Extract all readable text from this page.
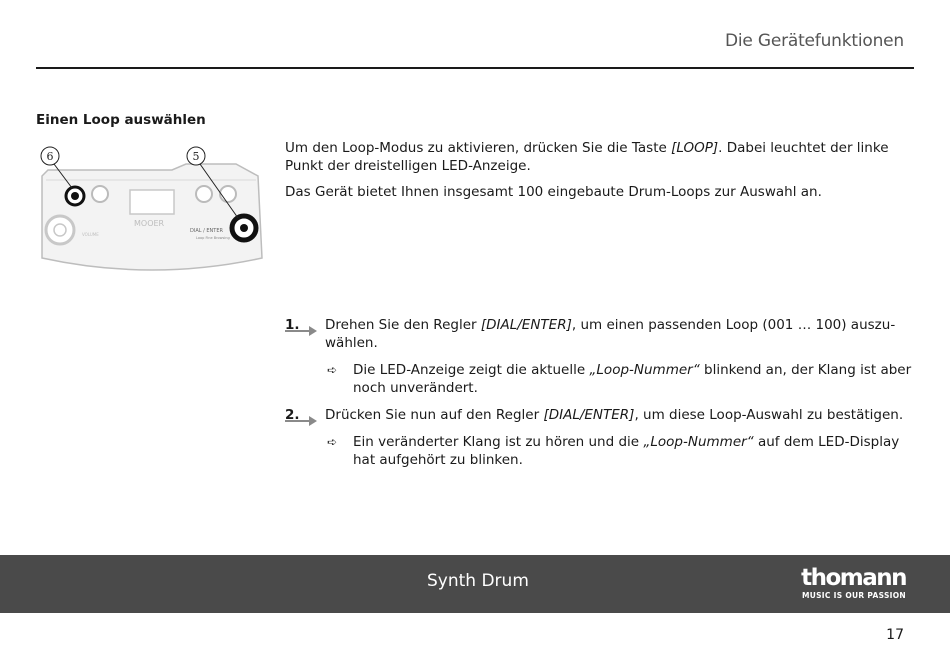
Die Gerätefunktionen
Einen Loop auswählen
MOOER
DIAL / ENTER
Loop Fine Browsing
VOLUME
6	5

Um den Loop-Modus zu aktivieren, drücken Sie die Taste [LOOP]. Dabei leuchtet der linke Punkt der dreistelligen LED-Anzeige.

Das Gerät bietet Ihnen insgesamt 100 eingebaute Drum-Loops zur Auswahl an.

1. Drehen Sie den Regler [DIAL/ENTER], um einen passenden Loop (001 … 100) auszuwählen.
➪ Die LED-Anzeige zeigt die aktuelle „Loop-Nummer“ blinkend an, der Klang ist aber noch unverändert.
2. Drücken Sie nun auf den Regler [DIAL/ENTER], um diese Loop-Auswahl zu bestätigen.
➪ Ein veränderter Klang ist zu hören und die „Loop-Nummer“ auf dem LED-Display hat aufgehört zu blinken.
Synth Drum	thomann
MUSIC IS OUR PASSION
17
